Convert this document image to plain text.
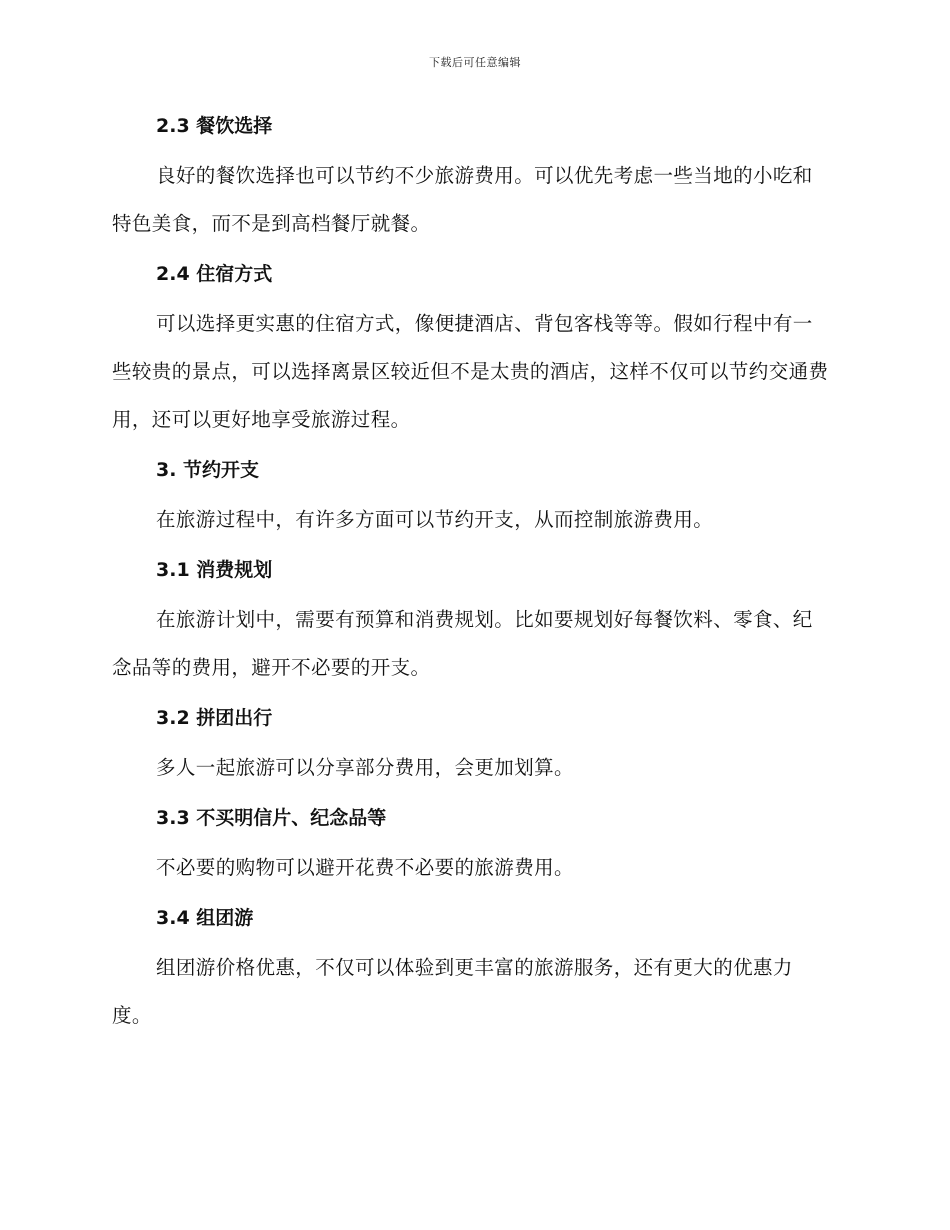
下载后可任意编辑
2.3 餐饮选择

良好的餐饮选择也可以节约不少旅游费用。可以优先考虑一些当地的小吃和特色美食，而不是到高档餐厅就餐。

2.4 住宿方式

可以选择更实惠的住宿方式，像便捷酒店、背包客栈等等。假如行程中有一些较贵的景点，可以选择离景区较近但不是太贵的酒店，这样不仅可以节约交通费用，还可以更好地享受旅游过程。

3. 节约开支

在旅游过程中，有许多方面可以节约开支，从而控制旅游费用。

3.1 消费规划

在旅游计划中，需要有预算和消费规划。比如要规划好每餐饮料、零食、纪念品等的费用，避开不必要的开支。

3.2 拼团出行

多人一起旅游可以分享部分费用，会更加划算。

3.3 不买明信片、纪念品等

不必要的购物可以避开花费不必要的旅游费用。

3.4 组团游

组团游价格优惠，不仅可以体验到更丰富的旅游服务，还有更大的优惠力度。
